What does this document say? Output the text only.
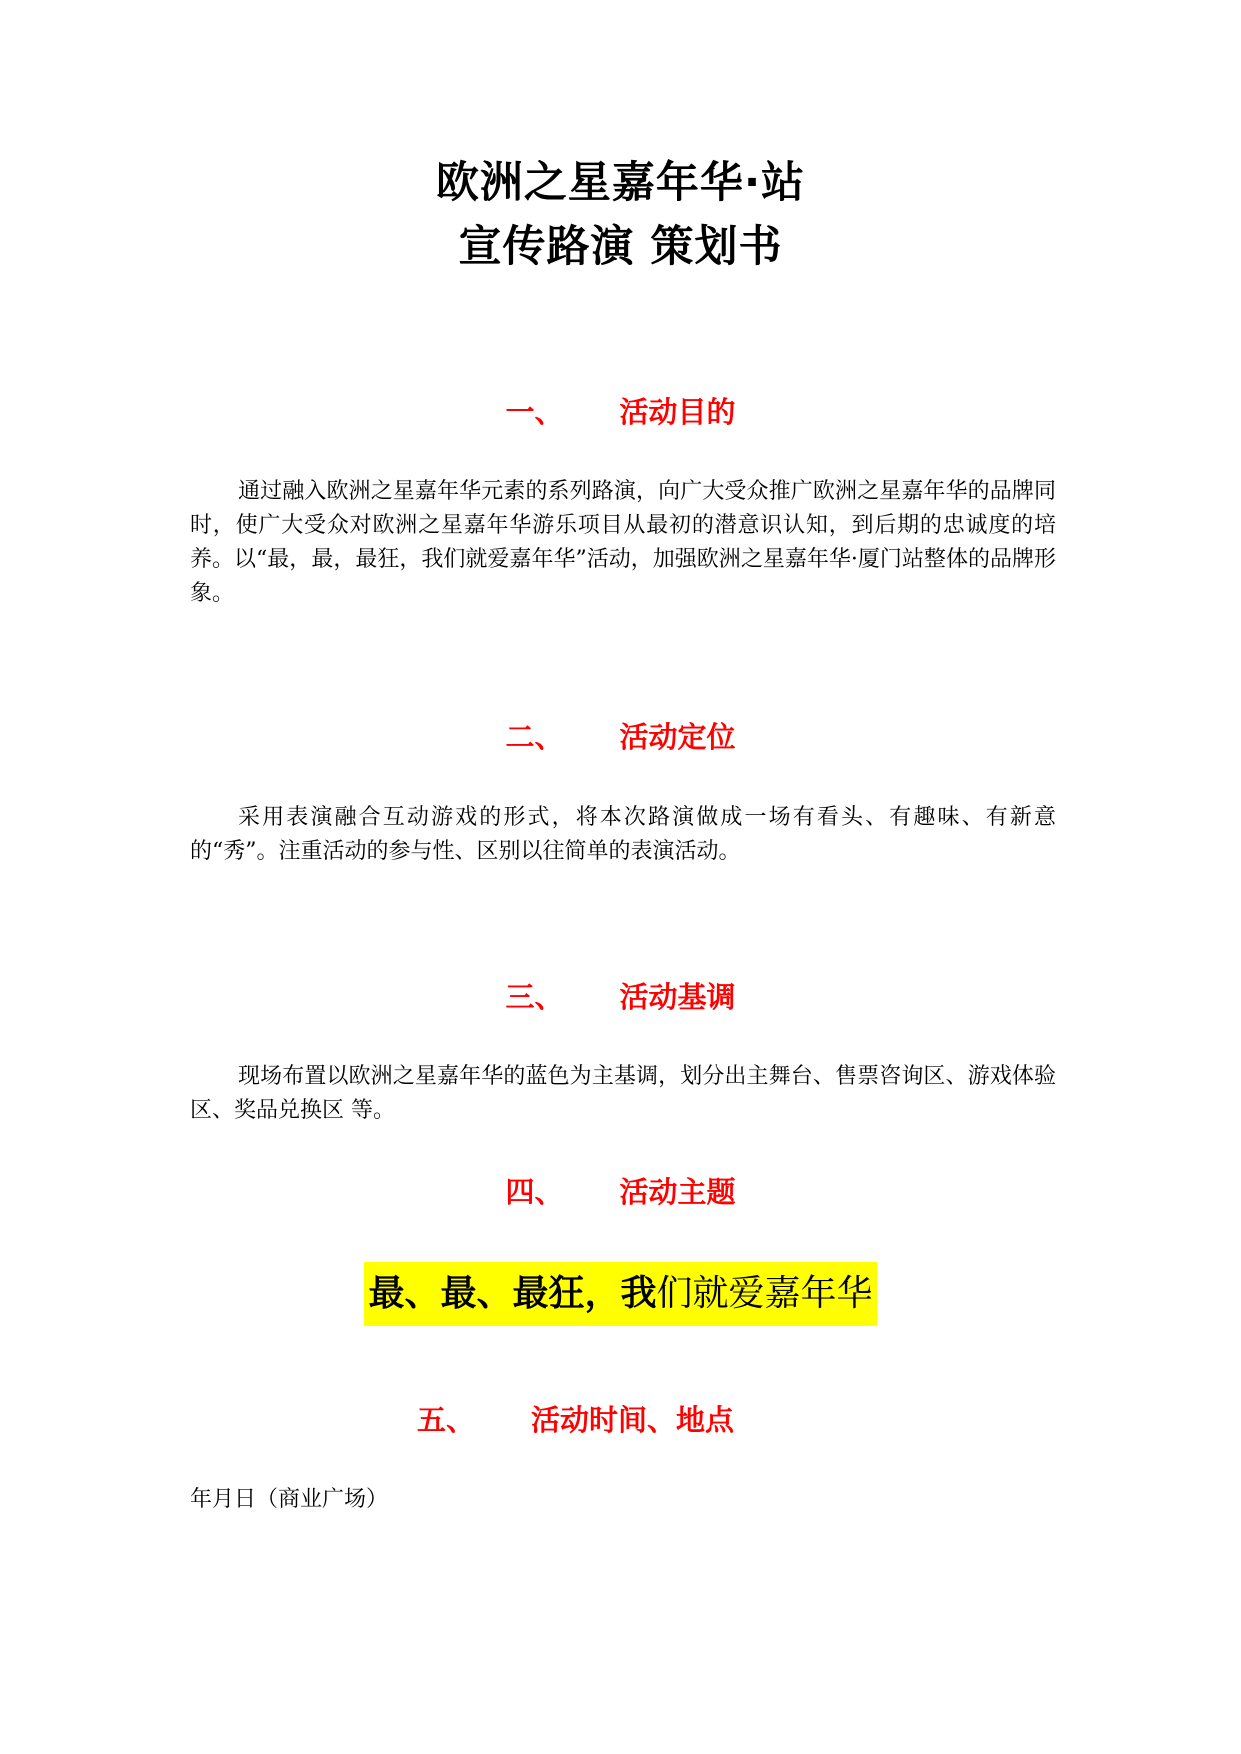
欧洲之星嘉年华·站
宣传路演 策划书
一、 活动目的

通过融入欧洲之星嘉年华元素的系列路演，向广大受众推广欧洲之星嘉年华的品牌同时，使广大受众对欧洲之星嘉年华游乐项目从最初的潜意识认知，到后期的忠诚度的培养。以“最，最，最狂，我们就爱嘉年华”活动，加强欧洲之星嘉年华·厦门站整体的品牌形象。

二、 活动定位

采用表演融合互动游戏的形式，将本次路演做成一场有看头、有趣味、有新意的“秀”。注重活动的参与性、区别以往简单的表演活动。

三、 活动基调

现场布置以欧洲之星嘉年华的蓝色为主基调，划分出主舞台、售票咨询区、游戏体验区、奖品兑换区 等。

四、 活动主题
最、最、最狂，我们就爱嘉年华
五、 活动时间、地点

年月日（商业广场）
